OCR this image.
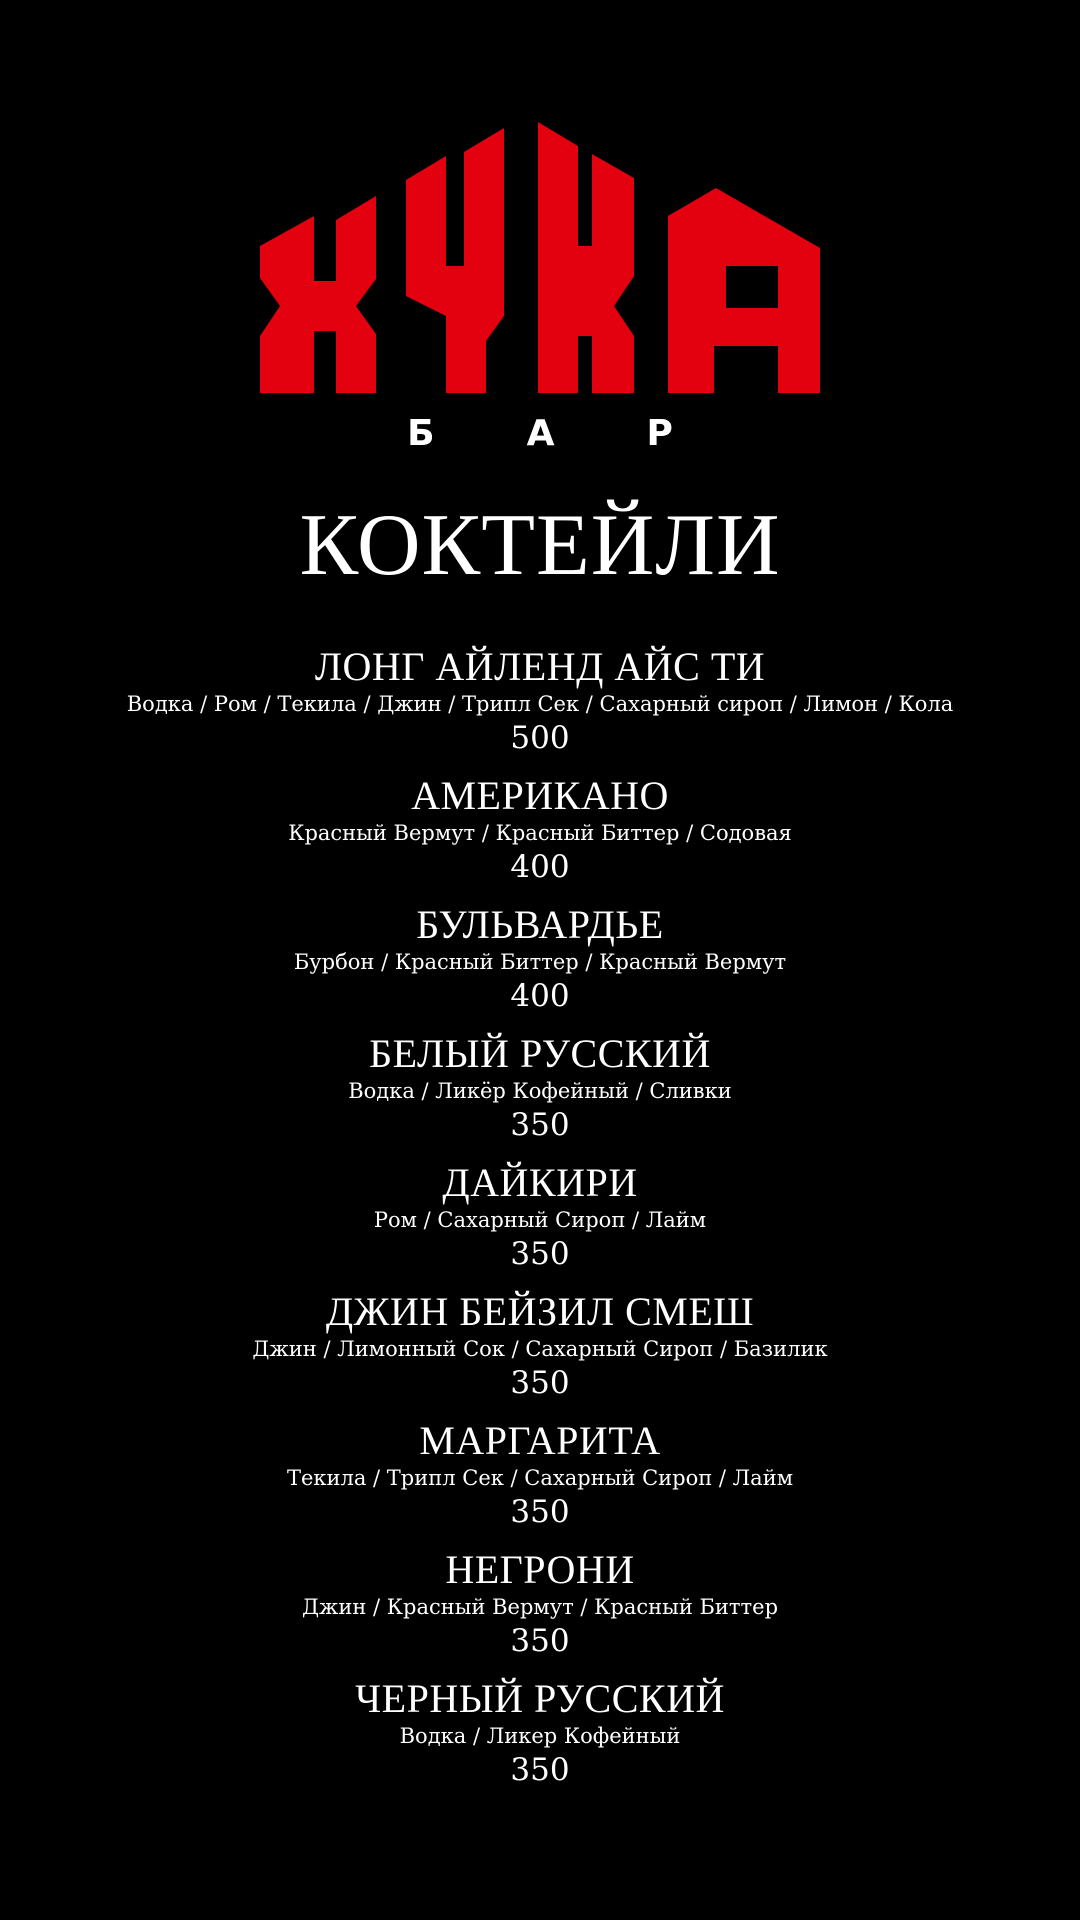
БАР
КОКТЕЙЛИ
ЛОНГ АЙЛЕНД АЙС ТИ
Водка / Ром / Текила / Джин / Трипл Сек / Сахарный сироп / Лимон / Кола
500
АМЕРИКАНО
Красный Вермут / Красный Биттер / Содовая
400
БУЛЬВАРДЬЕ
Бурбон / Красный Биттер / Красный Вермут
400
БЕЛЫЙ РУССКИЙ
Водка / Ликёр Кофейный / Сливки
350
ДАЙКИРИ
Ром / Сахарный Сироп / Лайм
350
ДЖИН БЕЙЗИЛ СМЕШ
Джин / Лимонный Сок / Сахарный Сироп / Базилик
350
МАРГАРИТА
Текила / Трипл Сек / Сахарный Сироп / Лайм
350
НЕГРОНИ
Джин / Красный Вермут / Красный Биттер
350
ЧЕРНЫЙ РУССКИЙ
Водка / Ликер Кофейный
350
